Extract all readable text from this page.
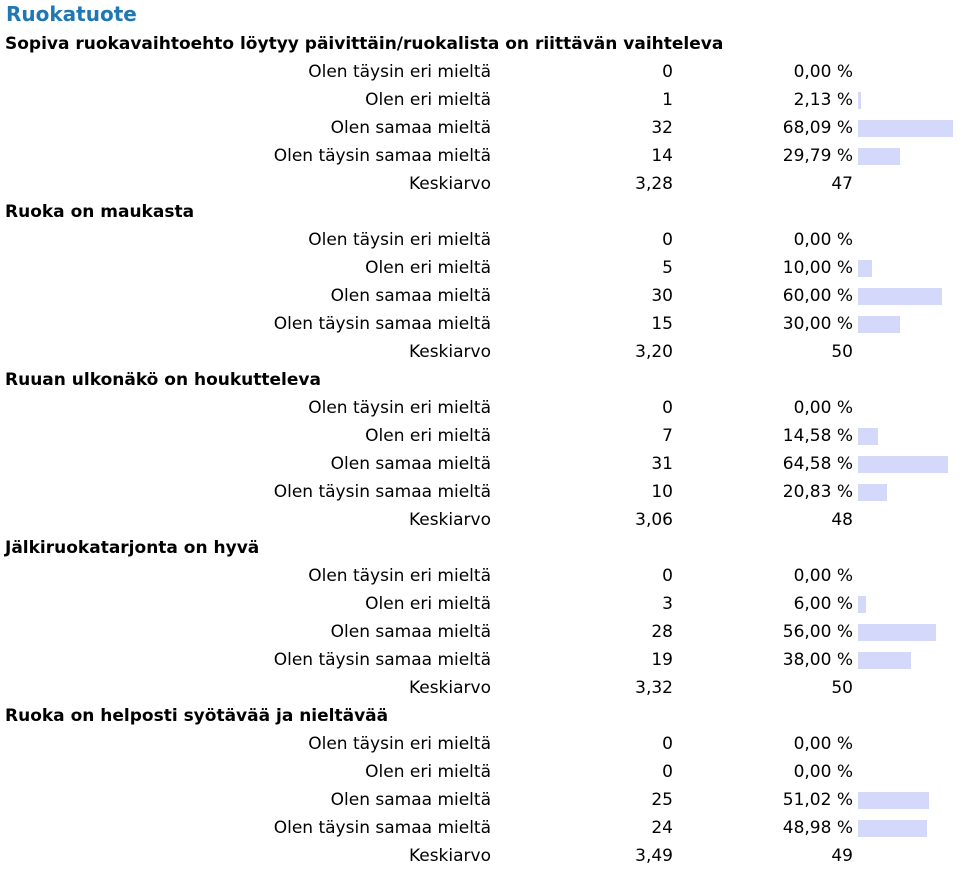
Ruokatuote
Sopiva ruokavaihtoehto löytyy päivittäin/ruokalista on riittävän vaihteleva
Olen täysin eri mieltä	0	0,00 %
Olen eri mieltä	1	2,13 %
Olen samaa mieltä	32	68,09 %
Olen täysin samaa mieltä	14	29,79 %
Keskiarvo	3,28	47
Ruoka on maukasta
Olen täysin eri mieltä	0	0,00 %
Olen eri mieltä	5	10,00 %
Olen samaa mieltä	30	60,00 %
Olen täysin samaa mieltä	15	30,00 %
Keskiarvo	3,20	50
Ruuan ulkonäkö on houkutteleva
Olen täysin eri mieltä	0	0,00 %
Olen eri mieltä	7	14,58 %
Olen samaa mieltä	31	64,58 %
Olen täysin samaa mieltä	10	20,83 %
Keskiarvo	3,06	48
Jälkiruokatarjonta on hyvä
Olen täysin eri mieltä	0	0,00 %
Olen eri mieltä	3	6,00 %
Olen samaa mieltä	28	56,00 %
Olen täysin samaa mieltä	19	38,00 %
Keskiarvo	3,32	50
Ruoka on helposti syötävää ja nieltävää
Olen täysin eri mieltä	0	0,00 %
Olen eri mieltä	0	0,00 %
Olen samaa mieltä	25	51,02 %
Olen täysin samaa mieltä	24	48,98 %
Keskiarvo	3,49	49
